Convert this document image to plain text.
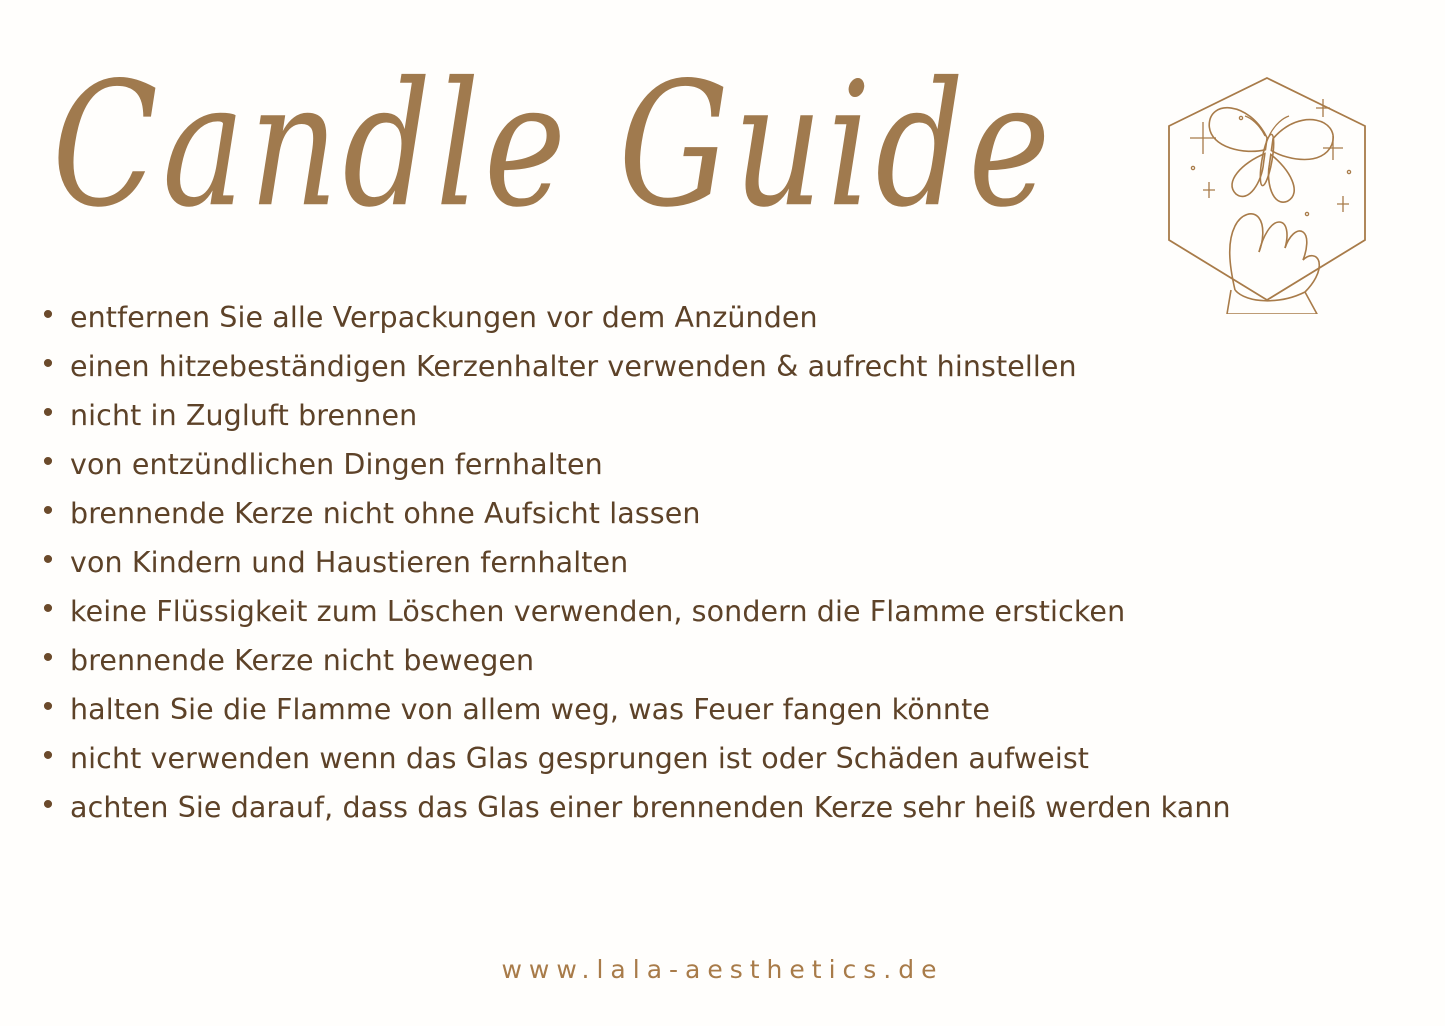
Candle Guide
• entfernen Sie alle Verpackungen vor dem Anzünden
• einen hitzebeständigen Kerzenhalter verwenden & aufrecht hinstellen
• nicht in Zugluft brennen
• von entzündlichen Dingen fernhalten
• brennende Kerze nicht ohne Aufsicht lassen
• von Kindern und Haustieren fernhalten
• keine Flüssigkeit zum Löschen verwenden, sondern die Flamme ersticken
• brennende Kerze nicht bewegen
• halten Sie die Flamme von allem weg, was Feuer fangen könnte
• nicht verwenden wenn das Glas gesprungen ist oder Schäden aufweist
• achten Sie darauf, dass das Glas einer brennenden Kerze sehr heiß werden kann
www.lala-aesthetics.de
